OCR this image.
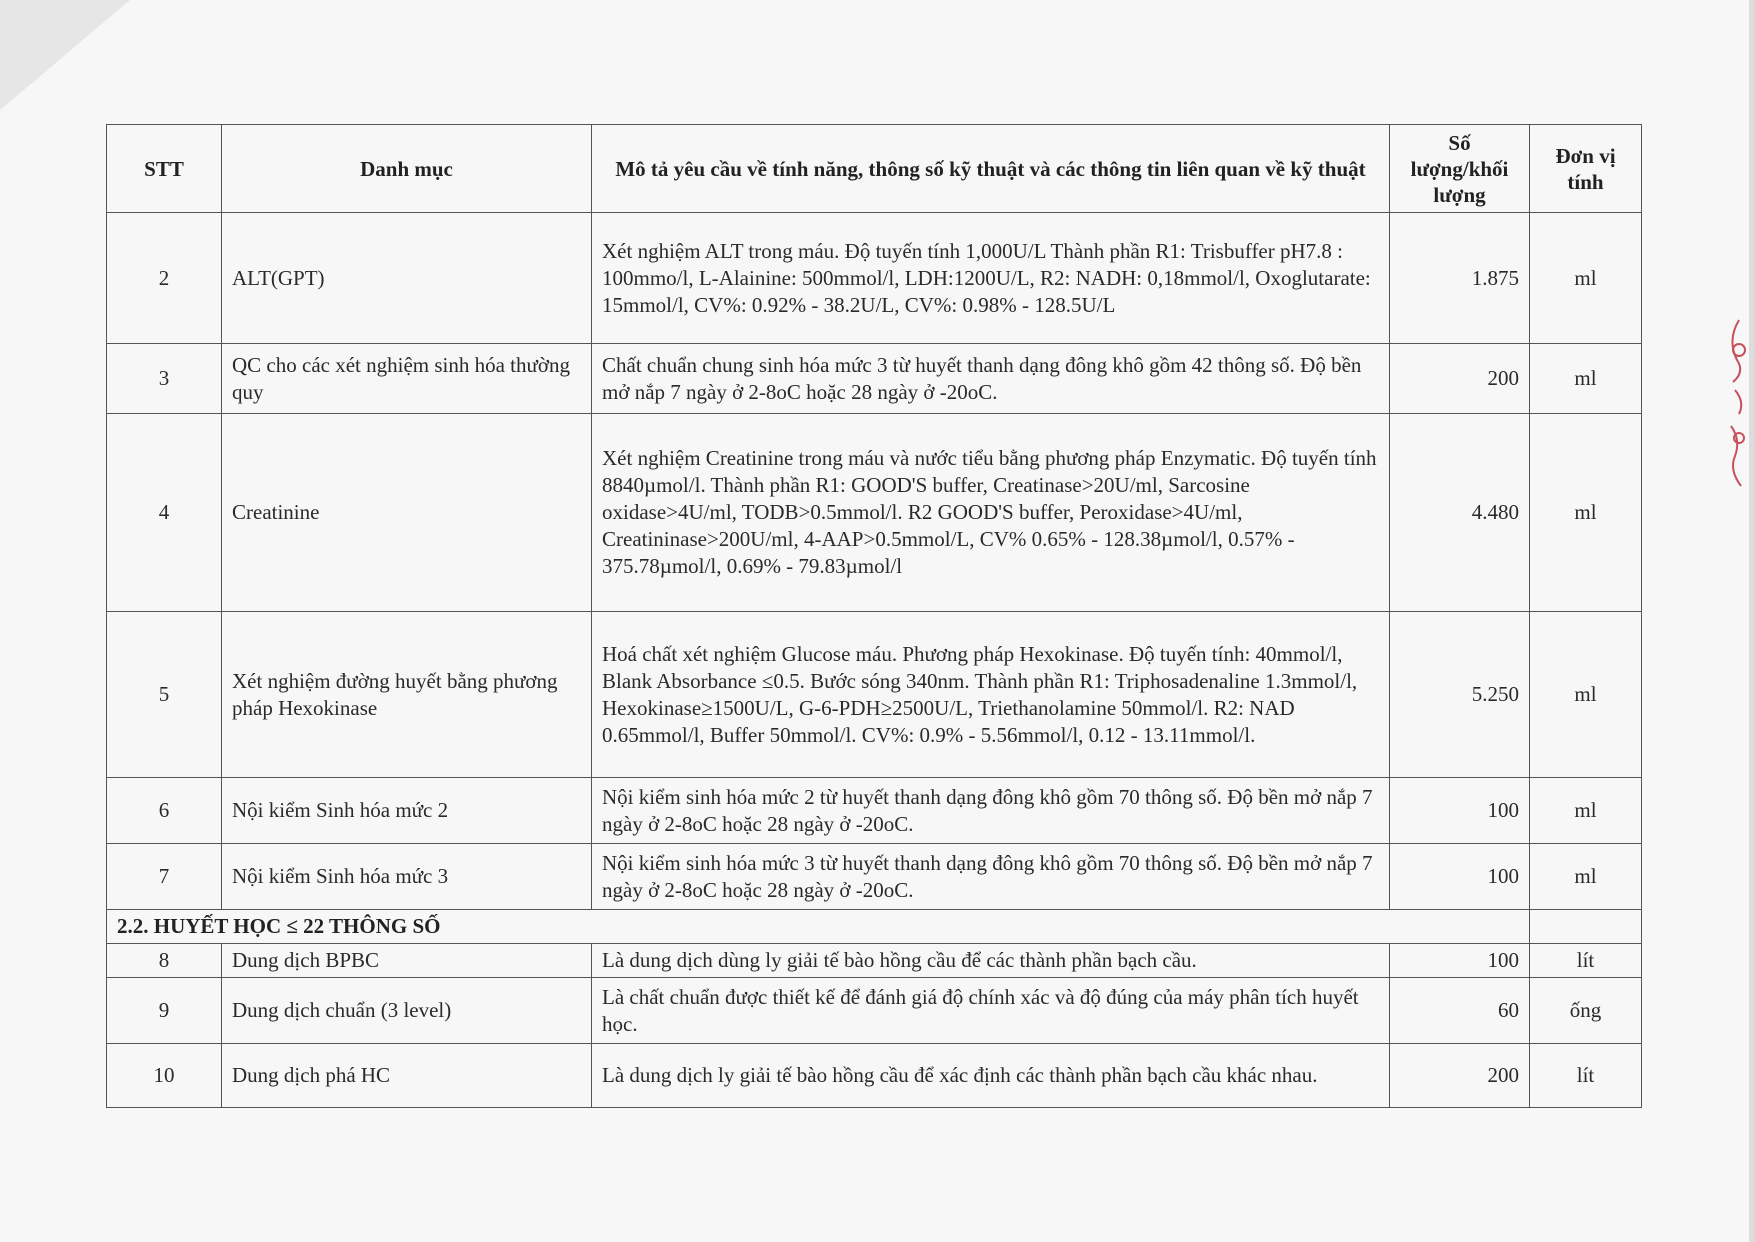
STT	Danh mục	Mô tả yêu cầu về tính năng, thông số kỹ thuật và các thông tin liên quan về kỹ thuật	Số lượng/khối lượng	Đơn vị tính
2	ALT(GPT)	Xét nghiệm ALT trong máu. Độ tuyến tính 1,000U/L Thành phần R1: Trisbuffer pH7.8 : 100mmo/l, L-Alainine: 500mmol/l, LDH:1200U/L, R2: NADH: 0,18mmol/l, Oxoglutarate: 15mmol/l, CV%: 0.92% - 38.2U/L, CV%: 0.98% - 128.5U/L	1.875	ml
3	QC cho các xét nghiệm sinh hóa thường quy	Chất chuẩn chung sinh hóa mức 3 từ huyết thanh dạng đông khô gồm 42 thông số. Độ bền mở nắp 7 ngày ở 2-8oC hoặc 28 ngày ở -20oC.	200	ml
4	Creatinine	Xét nghiệm Creatinine trong máu và nước tiểu bằng phương pháp Enzymatic. Độ tuyến tính 8840µmol/l. Thành phần R1: GOOD'S buffer, Creatinase>20U/ml, Sarcosine oxidase>4U/ml, TODB>0.5mmol/l. R2 GOOD'S buffer, Peroxidase>4U/ml, Creatininase>200U/ml, 4-AAP>0.5mmol/L, CV% 0.65% - 128.38µmol/l, 0.57% - 375.78µmol/l, 0.69% - 79.83µmol/l	4.480	ml
5	Xét nghiệm đường huyết bằng phương pháp Hexokinase	Hoá chất xét nghiệm Glucose máu. Phương pháp Hexokinase. Độ tuyến tính: 40mmol/l, Blank Absorbance ≤0.5. Bước sóng 340nm. Thành phần R1: Triphosadenaline 1.3mmol/l, Hexokinase≥1500U/L, G-6-PDH≥2500U/L, Triethanolamine 50mmol/l. R2: NAD 0.65mmol/l, Buffer 50mmol/l. CV%: 0.9% - 5.56mmol/l, 0.12 - 13.11mmol/l.	5.250	ml
6	Nội kiểm Sinh hóa mức 2	Nội kiểm sinh hóa mức 2 từ huyết thanh dạng đông khô gồm 70 thông số. Độ bền mở nắp 7 ngày ở 2-8oC hoặc 28 ngày ở -20oC.	100	ml
7	Nội kiểm Sinh hóa mức 3	Nội kiểm sinh hóa mức 3 từ huyết thanh dạng đông khô gồm 70 thông số. Độ bền mở nắp 7 ngày ở 2-8oC hoặc 28 ngày ở -20oC.	100	ml
2.2. HUYẾT HỌC ≤ 22 THÔNG SỐ				
8	Dung dịch BPBC	Là dung dịch dùng ly giải tế bào hồng cầu để các thành phần bạch cầu.	100	lít
9	Dung dịch chuẩn (3 level)	Là chất chuẩn được thiết kế để đánh giá độ chính xác và độ đúng của máy phân tích huyết học.	60	ống
10	Dung dịch phá HC	Là dung dịch ly giải tế bào hồng cầu để xác định các thành phần bạch cầu khác nhau.	200	lít
